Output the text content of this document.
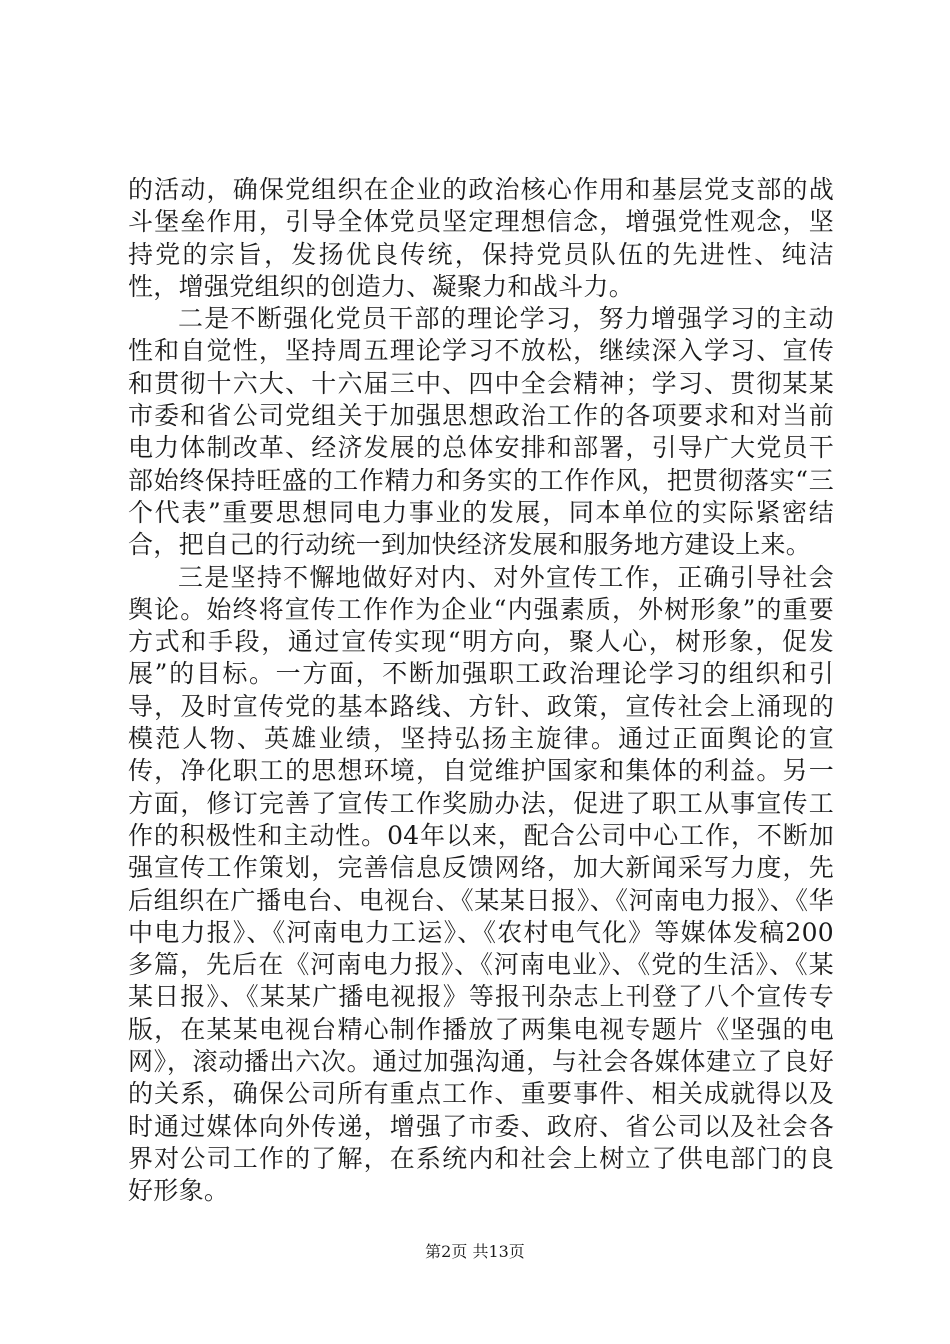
的活动，确保党组织在企业的政治核心作用和基层党支部的战斗堡垒作用，引导全体党员坚定理想信念，增强党性观念，坚持党的宗旨，发扬优良传统，保持党员队伍的先进性、纯洁性，增强党组织的创造力、凝聚力和战斗力。

二是不断强化党员干部的理论学习，努力增强学习的主动性和自觉性，坚持周五理论学习不放松，继续深入学习、宣传和贯彻十六大、十六届三中、四中全会精神；学习、贯彻某某市委和省公司党组关于加强思想政治工作的各项要求和对当前电力体制改革、经济发展的总体安排和部署，引导广大党员干部始终保持旺盛的工作精力和务实的工作作风，把贯彻落实“三个代表”重要思想同电力事业的发展，同本单位的实际紧密结合，把自己的行动统一到加快经济发展和服务地方建设上来。

三是坚持不懈地做好对内、对外宣传工作，正确引导社会舆论。始终将宣传工作作为企业“内强素质，外树形象”的重要方式和手段，通过宣传实现“明方向，聚人心，树形象，促发展”的目标。一方面，不断加强职工政治理论学习的组织和引导，及时宣传党的基本路线、方针、政策，宣传社会上涌现的模范人物、英雄业绩，坚持弘扬主旋律。通过正面舆论的宣传，净化职工的思想环境，自觉维护国家和集体的利益。另一方面，修订完善了宣传工作奖励办法，促进了职工从事宣传工作的积极性和主动性。04年以来，配合公司中心工作，不断加强宣传工作策划，完善信息反馈网络，加大新闻采写力度，先后组织在广播电台、电视台、《某某日报》、《河南电力报》、《华中电力报》、《河南电力工运》、《农村电气化》等媒体发稿200多篇，先后在《河南电力报》、《河南电业》、《党的生活》、《某某日报》、《某某广播电视报》等报刊杂志上刊登了八个宣传专版，在某某电视台精心制作播放了两集电视专题片《坚强的电网》，滚动播出六次。通过加强沟通，与社会各媒体建立了良好的关系，确保公司所有重点工作、重要事件、相关成就得以及时通过媒体向外传递，增强了市委、政府、省公司以及社会各界对公司工作的了解，在系统内和社会上树立了供电部门的良好形象。

第2页 共13页
